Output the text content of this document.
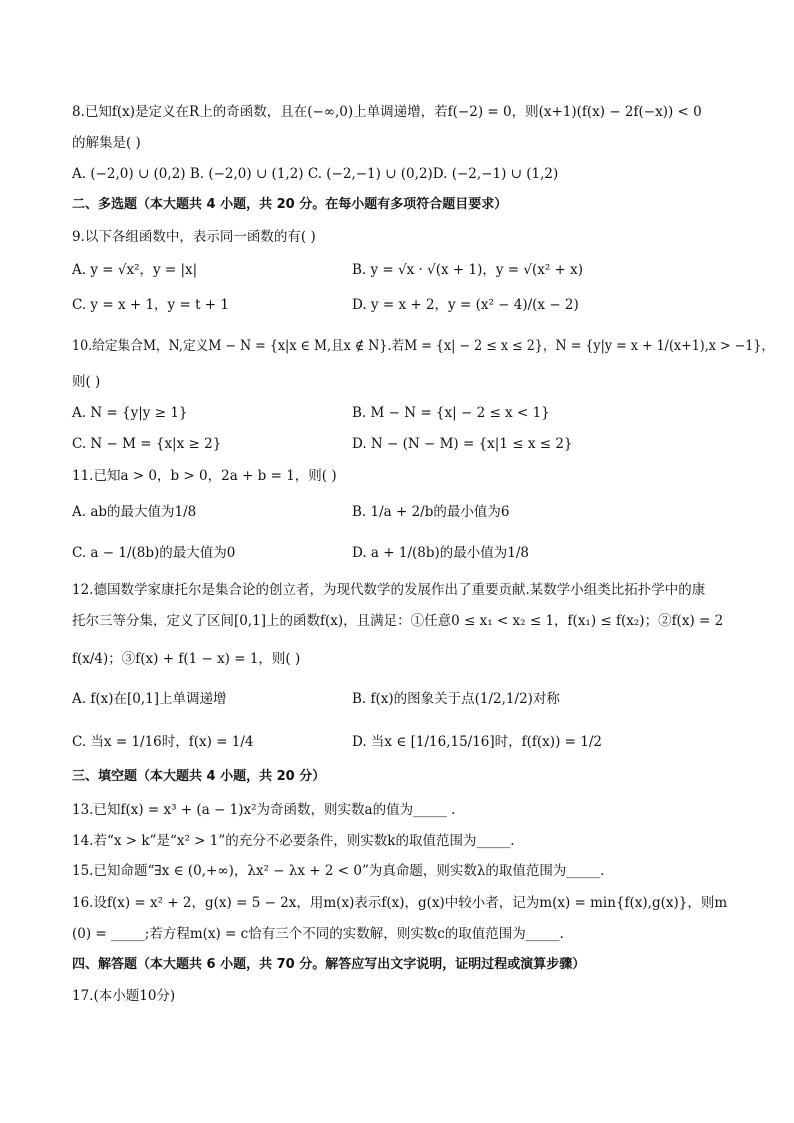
8.已知f(x)是定义在R上的奇函数，且在(−∞,0)上单调递增，若f(−2) = 0，则(x+1)(f(x) − 2f(−x)) < 0
的解集是( )
A. (−2,0) ∪ (0,2) B. (−2,0) ∪ (1,2) C. (−2,−1) ∪ (0,2)D. (−2,−1) ∪ (1,2)
二、多选题（本大题共 4 小题，共 20 分。在每小题有多项符合题目要求）
9.以下各组函数中，表示同一函数的有( )
A. y = √x²，y = |x|	B. y = √x · √(x + 1)，y = √(x² + x)
C. y = x + 1，y = t + 1	D. y = x + 2，y = (x² − 4)/(x − 2)
10.给定集合M，N,定义M − N = {x|x ∈ M,且x ∉ N}.若M = {x| − 2 ≤ x ≤ 2}，N = {y|y = x + 1/(x+1),x > −1}，
则( )
A. N = {y|y ≥ 1}	B. M − N = {x| − 2 ≤ x < 1}
C. N − M = {x|x ≥ 2}	D. N − (N − M) = {x|1 ≤ x ≤ 2}
11.已知a > 0，b > 0，2a + b = 1，则( )
A. ab的最大值为1/8	B. 1/a + 2/b的最小值为6
C. a − 1/(8b)的最大值为0	D. a + 1/(8b)的最小值为1/8
12.德国数学家康托尔是集合论的创立者，为现代数学的发展作出了重要贡献.某数学小组类比拓扑学中的康
托尔三等分集，定义了区间[0,1]上的函数f(x)，且满足：①任意0 ≤ x₁ < x₂ ≤ 1，f(x₁) ≤ f(x₂)；②f(x) = 2
f(x/4)；③f(x) + f(1 − x) = 1，则( )
A. f(x)在[0,1]上单调递增	B. f(x)的图象关于点(1/2,1/2)对称
C. 当x = 1/16时，f(x) = 1/4	D. 当x ∈ [1/16,15/16]时，f(f(x)) = 1/2
三、填空题（本大题共 4 小题，共 20 分）
13.已知f(x) = x³ + (a − 1)x²为奇函数，则实数a的值为_____ .
14.若“x > k”是“x² > 1”的充分不必要条件，则实数k的取值范围为_____.
15.已知命题“∃x ∈ (0,+∞)，λx² − λx + 2 < 0”为真命题，则实数λ的取值范围为_____.
16.设f(x) = x² + 2，g(x) = 5 − 2x，用m(x)表示f(x)，g(x)中较小者，记为m(x) = min{f(x),g(x)}，则m
(0) = _____;若方程m(x) = c恰有三个不同的实数解，则实数c的取值范围为_____.
四、解答题（本大题共 6 小题，共 70 分。解答应写出文字说明，证明过程或演算步骤）
17.(本小题10分)
